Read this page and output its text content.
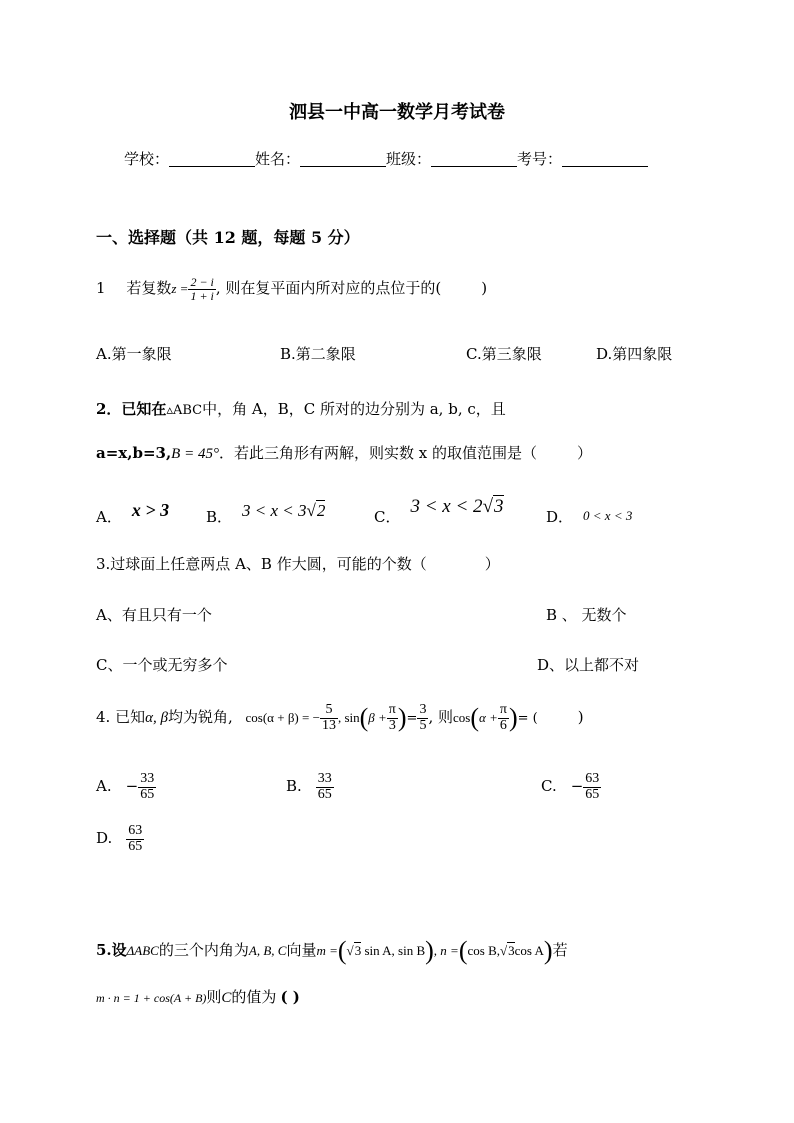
泗县一中高一数学月考试卷
学校：	姓名：	班级：	考号：
一、选择题（共 12 题，每题 5 分）
1 若复数$z = \frac{2 - i}{1 + i}$ , 则在复平面内所对应的点位于的(	)
A.第一象限	B.第二象限	C.第三象限	D.第四象限
2．已知在▵ABC中，角 A，B，C 所对的边分别为 a, b, c，且
a=x,b=3,B = 45°．若此三角形有两解，则实数 x 的取值范围是（	）
A． x > 3 B． 3 < x < 3√2	C． 3 < x < 2√3	D． 0 < x < 3
3.过球面上任意两点 A、B 作大圆，可能的个数（	）
A、有且只有一个	B 、 无数个
C、一个或无穷多个	D、以上都不对
4. 已知α, β均为锐角, cos(α + β) = − $\frac{5}{13}$ , $\sin(\beta + \frac{\pi}{3}$ )= $\frac{3}{5}$ , 则$\cos(\alpha + \frac{\pi}{6}$ )= (	)
A. − $\frac{33}{65}$	B. $\frac{33}{65}$	C. − $\frac{63}{65}$
D. $\frac{63}{65}$
5.设ΔABC的三个内角为A, B, C向量m =(√3 sin A, sin B), n =(cos B,√3cos A)若
m · n = 1 + cos(A + B)则C的值为 ( )
